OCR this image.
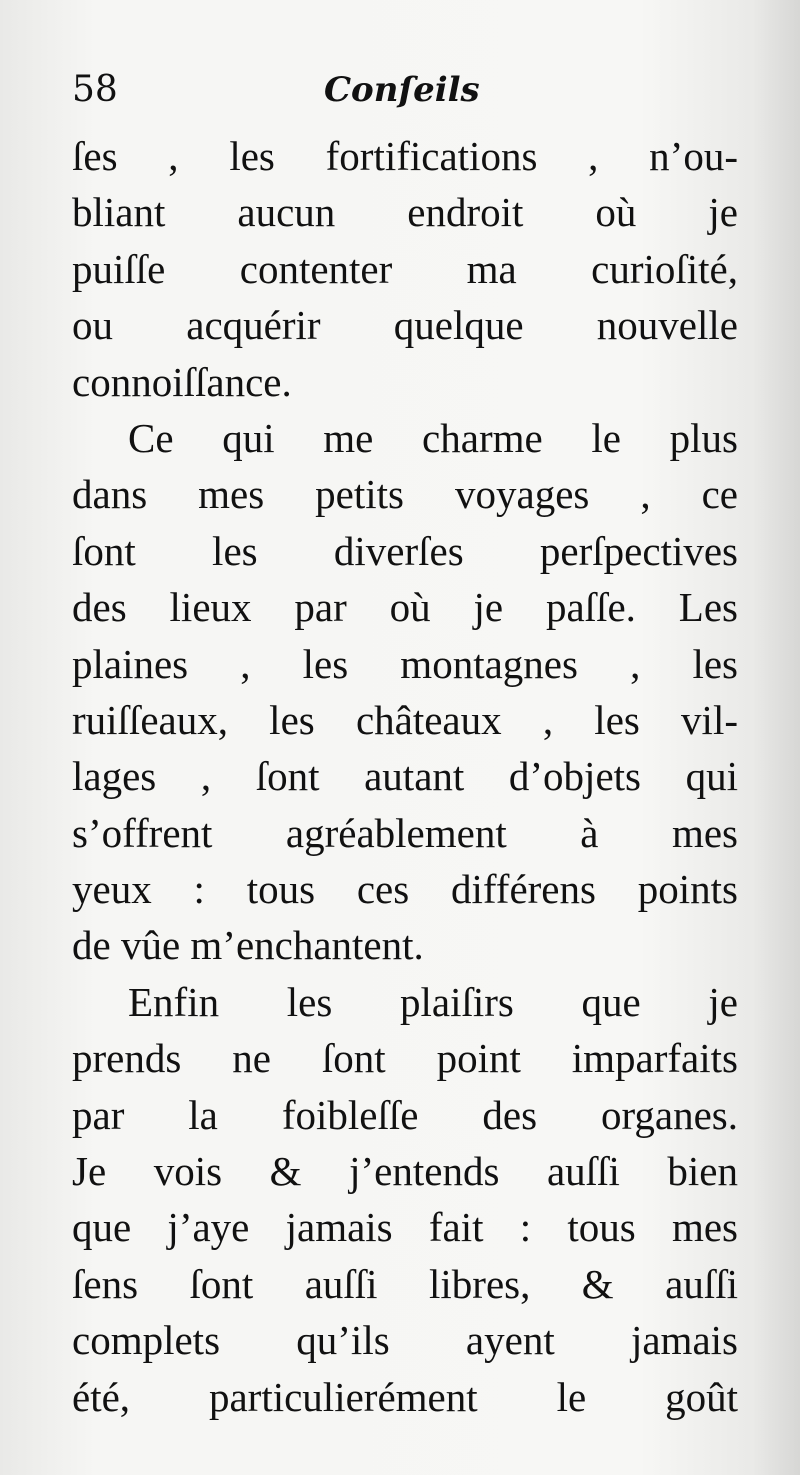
58	Conſeils
ſes , les fortifications , n’ou-
bliant aucun endroit où je
puiſſe contenter ma curioſité,
ou acquérir quelque nouvelle
connoiſſance.
Ce qui me charme le plus
dans mes petits voyages , ce
ſont les diverſes perſpectives
des lieux par où je paſſe. Les
plaines , les montagnes , les
ruiſſeaux, les châteaux , les vil-
lages , ſont autant d’objets qui
s’offrent agréablement à mes
yeux : tous ces différens points
de vûe m’enchantent.
Enfin les plaiſirs que je
prends ne ſont point imparfaits
par la foibleſſe des organes.
Je vois & j’entends auſſi bien
que j’aye jamais fait : tous mes
ſens ſont auſſi libres, & auſſi
complets qu’ils ayent jamais
été, particulierément le goût
